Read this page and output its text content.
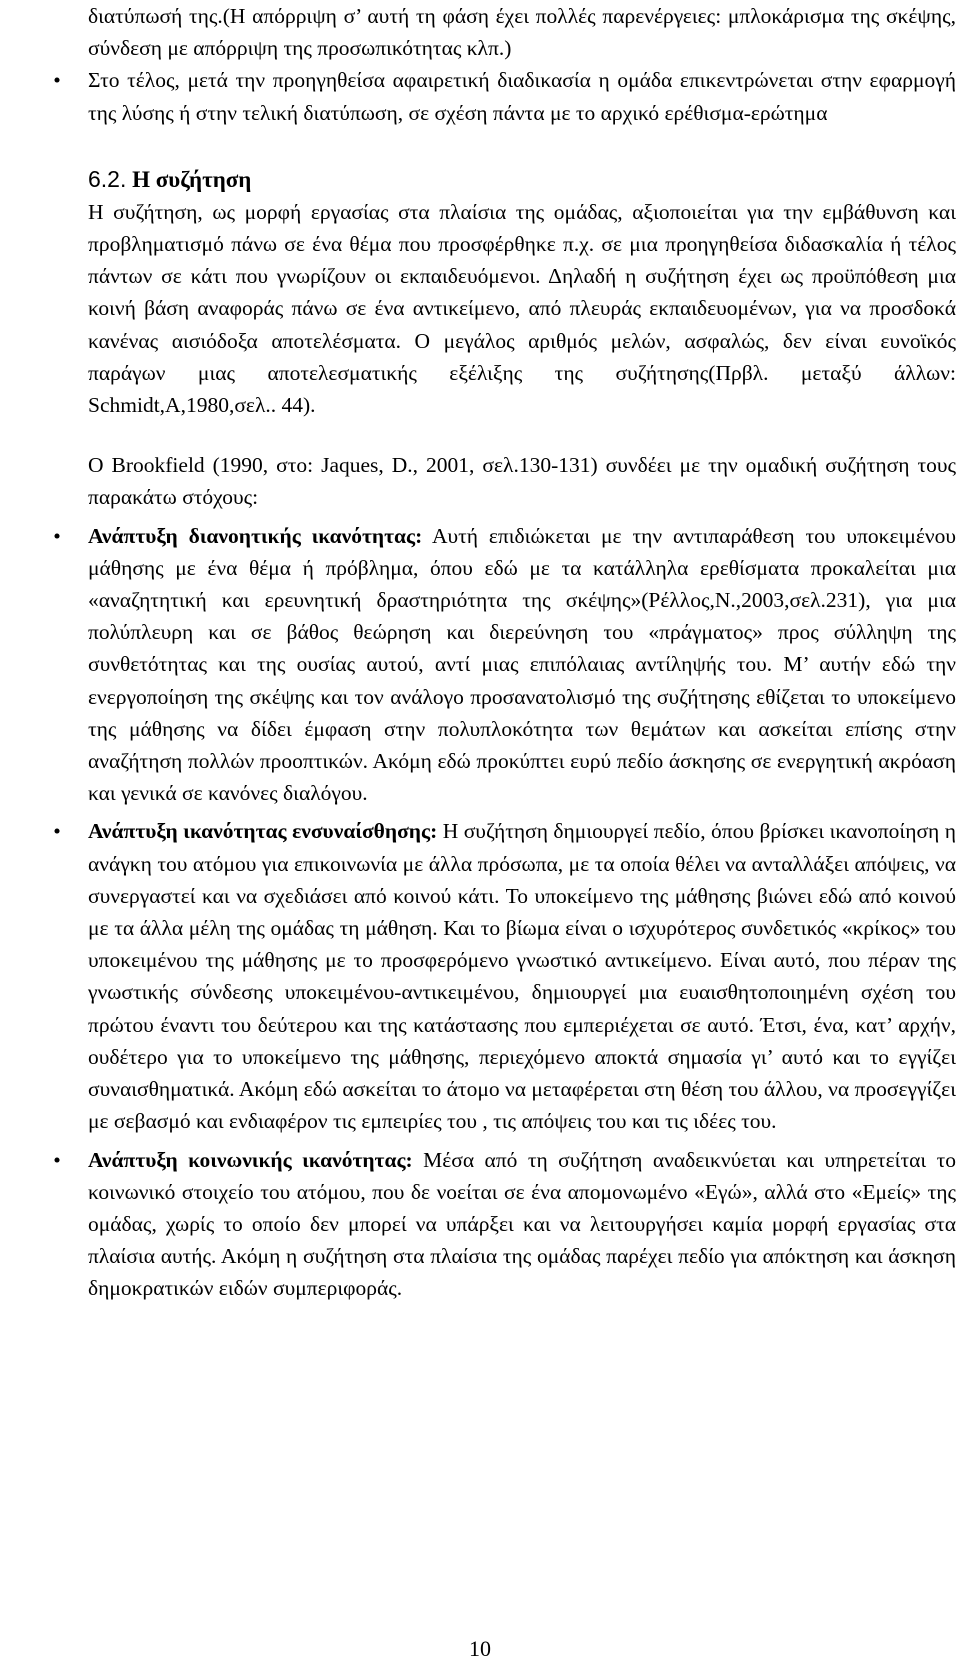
διατύπωσή της.(Η απόρριψη σ’ αυτή τη φάση έχει πολλές παρενέργειες: μπλοκάρισμα της σκέψης, σύνδεση με απόρριψη της προσωπικότητας κλπ.)

• Στο τέλος, μετά την προηγηθείσα αφαιρετική διαδικασία η ομάδα επικεντρώνεται στην εφαρμογή της λύσης ή στην τελική διατύπωση, σε σχέση πάντα με το αρχικό ερέθισμα-ερώτημα
6.2. Η συζήτηση

Η συζήτηση, ως μορφή εργασίας στα πλαίσια της ομάδας, αξιοποιείται για την εμβάθυνση και προβληματισμό πάνω σε ένα θέμα που προσφέρθηκε π.χ. σε μια προηγηθείσα διδασκαλία ή τέλος πάντων σε κάτι που γνωρίζουν οι εκπαιδευόμενοι. Δηλαδή η συζήτηση έχει ως προϋπόθεση μια κοινή βάση αναφοράς πάνω σε ένα αντικείμενο, από πλευράς εκπαιδευομένων, για να προσδοκά κανένας αισιόδοξα αποτελέσματα. Ο μεγάλος αριθμός μελών, ασφαλώς, δεν είναι ευνοϊκός παράγων μιας αποτελεσματικής εξέλιξης της συζήτησης(Πρβλ. μεταξύ άλλων: Schmidt,A,1980,σελ.. 44).

Ο Brookfield (1990, στο: Jaques, D., 2001, σελ.130-131) συνδέει με την ομαδική συζήτηση τους παρακάτω στόχους:

• Ανάπτυξη διανοητικής ικανότητας: Αυτή επιδιώκεται με την αντιπαράθεση του υποκειμένου μάθησης με ένα θέμα ή πρόβλημα, όπου εδώ με τα κατάλληλα ερεθίσματα προκαλείται μια «αναζητητική και ερευνητική δραστηριότητα της σκέψης»(Ρέλλος,Ν.,2003,σελ.231), για μια πολύπλευρη και σε βάθος θεώρηση και διερεύνηση του «πράγματος» προς σύλληψη της συνθετότητας και της ουσίας αυτού, αντί μιας επιπόλαιας αντίληψής του. Μ’ αυτήν εδώ την ενεργοποίηση της σκέψης και τον ανάλογο προσανατολισμό της συζήτησης εθίζεται το υποκείμενο της μάθησης να δίδει έμφαση στην πολυπλοκότητα των θεμάτων και ασκείται επίσης στην αναζήτηση πολλών προοπτικών. Ακόμη εδώ προκύπτει ευρύ πεδίο άσκησης σε ενεργητική ακρόαση και γενικά σε κανόνες διαλόγου.
• Ανάπτυξη ικανότητας ενσυναίσθησης: Η συζήτηση δημιουργεί πεδίο, όπου βρίσκει ικανοποίηση η ανάγκη του ατόμου για επικοινωνία με άλλα πρόσωπα, με τα οποία θέλει να ανταλλάξει απόψεις, να συνεργαστεί και να σχεδιάσει από κοινού κάτι. Το υποκείμενο της μάθησης βιώνει εδώ από κοινού με τα άλλα μέλη της ομάδας τη μάθηση. Και το βίωμα είναι ο ισχυρότερος συνδετικός «κρίκος» του υποκειμένου της μάθησης με το προσφερόμενο γνωστικό αντικείμενο. Είναι αυτό, που πέραν της γνωστικής σύνδεσης υποκειμένου-αντικειμένου, δημιουργεί μια ευαισθητοποιημένη σχέση του πρώτου έναντι του δεύτερου και της κατάστασης που εμπεριέχεται σε αυτό. Έτσι, ένα, κατ’ αρχήν, ουδέτερο για το υποκείμενο της μάθησης, περιεχόμενο αποκτά σημασία γι’ αυτό και το εγγίζει συναισθηματικά. Ακόμη εδώ ασκείται το άτομο να μεταφέρεται στη θέση του άλλου, να προσεγγίζει με σεβασμό και ενδιαφέρον τις εμπειρίες του , τις απόψεις του και τις ιδέες του.
• Ανάπτυξη κοινωνικής ικανότητας: Μέσα από τη συζήτηση αναδεικνύεται και υπηρετείται το κοινωνικό στοιχείο του ατόμου, που δε νοείται σε ένα απομονωμένο «Εγώ», αλλά στο «Εμείς» της ομάδας, χωρίς το οποίο δεν μπορεί να υπάρξει και να λειτουργήσει καμία μορφή εργασίας στα πλαίσια αυτής. Ακόμη η συζήτηση στα πλαίσια της ομάδας παρέχει πεδίο για απόκτηση και άσκηση δημοκρατικών ειδών συμπεριφοράς.
10
